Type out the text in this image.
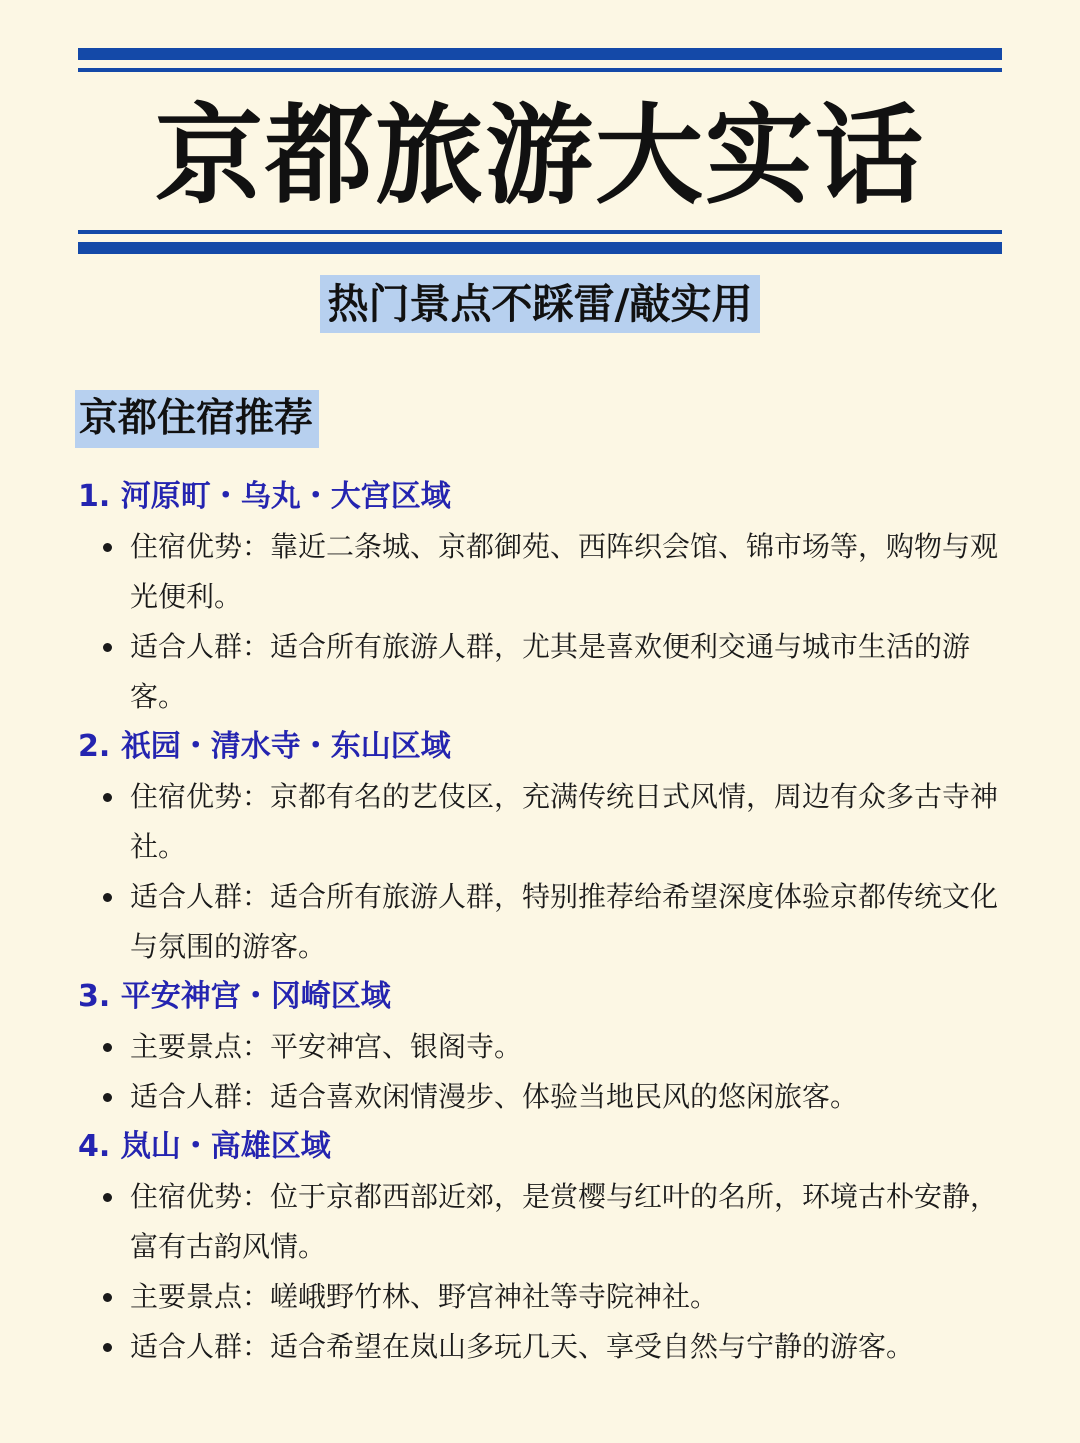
京都旅游大实话
热门景点不踩雷/敲实用
京都住宿推荐
1. 河原町・乌丸・大宫区域
住宿优势：靠近二条城、京都御苑、西阵织会馆、锦市场等，购物与观光便利。
适合人群：适合所有旅游人群，尤其是喜欢便利交通与城市生活的游客。
2. 祇园・清水寺・东山区域
住宿优势：京都有名的艺伎区，充满传统日式风情，周边有众多古寺神社。
适合人群：适合所有旅游人群，特别推荐给希望深度体验京都传统文化与氛围的游客。
3. 平安神宫・冈崎区域
主要景点：平安神宫、银阁寺。
适合人群：适合喜欢闲情漫步、体验当地民风的悠闲旅客。
4. 岚山・高雄区域
住宿优势：位于京都西部近郊，是赏樱与红叶的名所，环境古朴安静，富有古韵风情。
主要景点：嵯峨野竹林、野宫神社等寺院神社。
适合人群：适合希望在岚山多玩几天、享受自然与宁静的游客。
